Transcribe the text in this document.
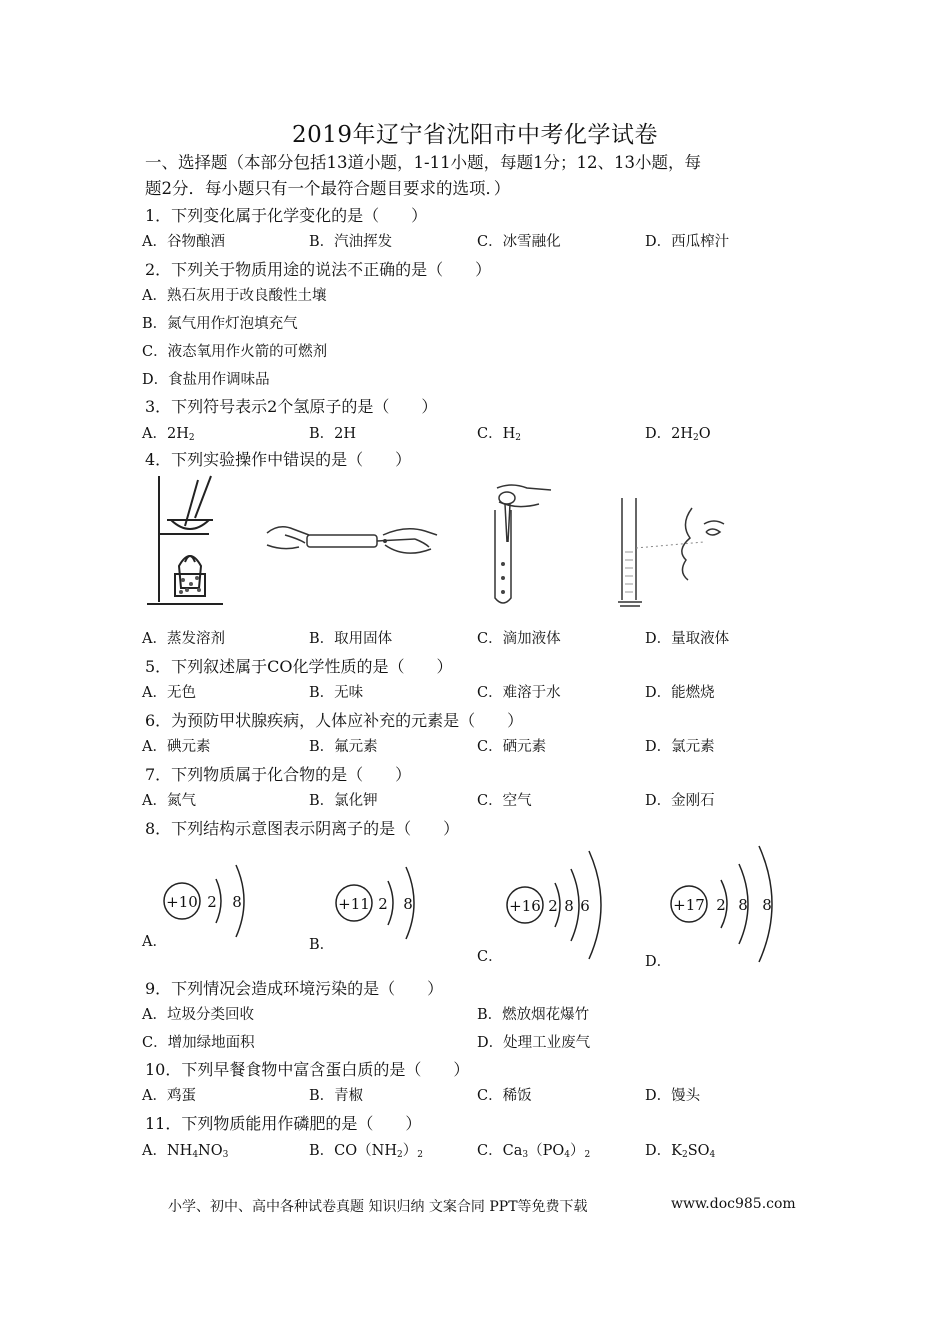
2019年辽宁省沈阳市中考化学试卷
一、选择题（本部分包括13道小题，1-11小题，每题1分；12、13小题，每
题2分．每小题只有一个最符合题目要求的选项．）
1．下列变化属于化学变化的是（　　）
A．谷物酿酒	B．汽油挥发	C．冰雪融化	D．西瓜榨汁
2．下列关于物质用途的说法不正确的是（　　）
A．熟石灰用于改良酸性土壤
B．氮气用作灯泡填充气
C．液态氧用作火箭的可燃剂
D．食盐用作调味品
3．下列符号表示2个氢原子的是（　　）
A．$2H_2$	B．2H	C．$H_2$	D．$2H_2O$
4．下列实验操作中错误的是（　　）
A．蒸发溶剂	B．取用固体	C．滴加液体	D．量取液体
5．下列叙述属于CO化学性质的是（　　）
A．无色	B．无味	C．难溶于水	D．能燃烧
6．为预防甲状腺疾病，人体应补充的元素是（　　）
A．碘元素	B．氟元素	C．硒元素	D．氯元素
7．下列物质属于化合物的是（　　）
A．氮气	B．氯化钾	C．空气	D．金刚石
8．下列结构示意图表示阴离子的是（　　）
+10 2 8	+11 2 8	+16 2 8 6	+17 2 8 8
A．	B．
C．	D．
9．下列情况会造成环境污染的是（　　）
A．垃圾分类回收	B．燃放烟花爆竹
C．增加绿地面积	D．处理工业废气
10．下列早餐食物中富含蛋白质的是（　　）
A．鸡蛋	B．青椒	C．稀饭	D．馒头
11．下列物质能用作磷肥的是（　　）
A．$NH_4NO_3$	B．$CO(NH_2)_2$	C．$Ca_3(PO_4)_2$	D．$K_2SO_4$
小学、初中、高中各种试卷真题 知识归纳 文案合同 PPT等免费下载	www.doc985.com
